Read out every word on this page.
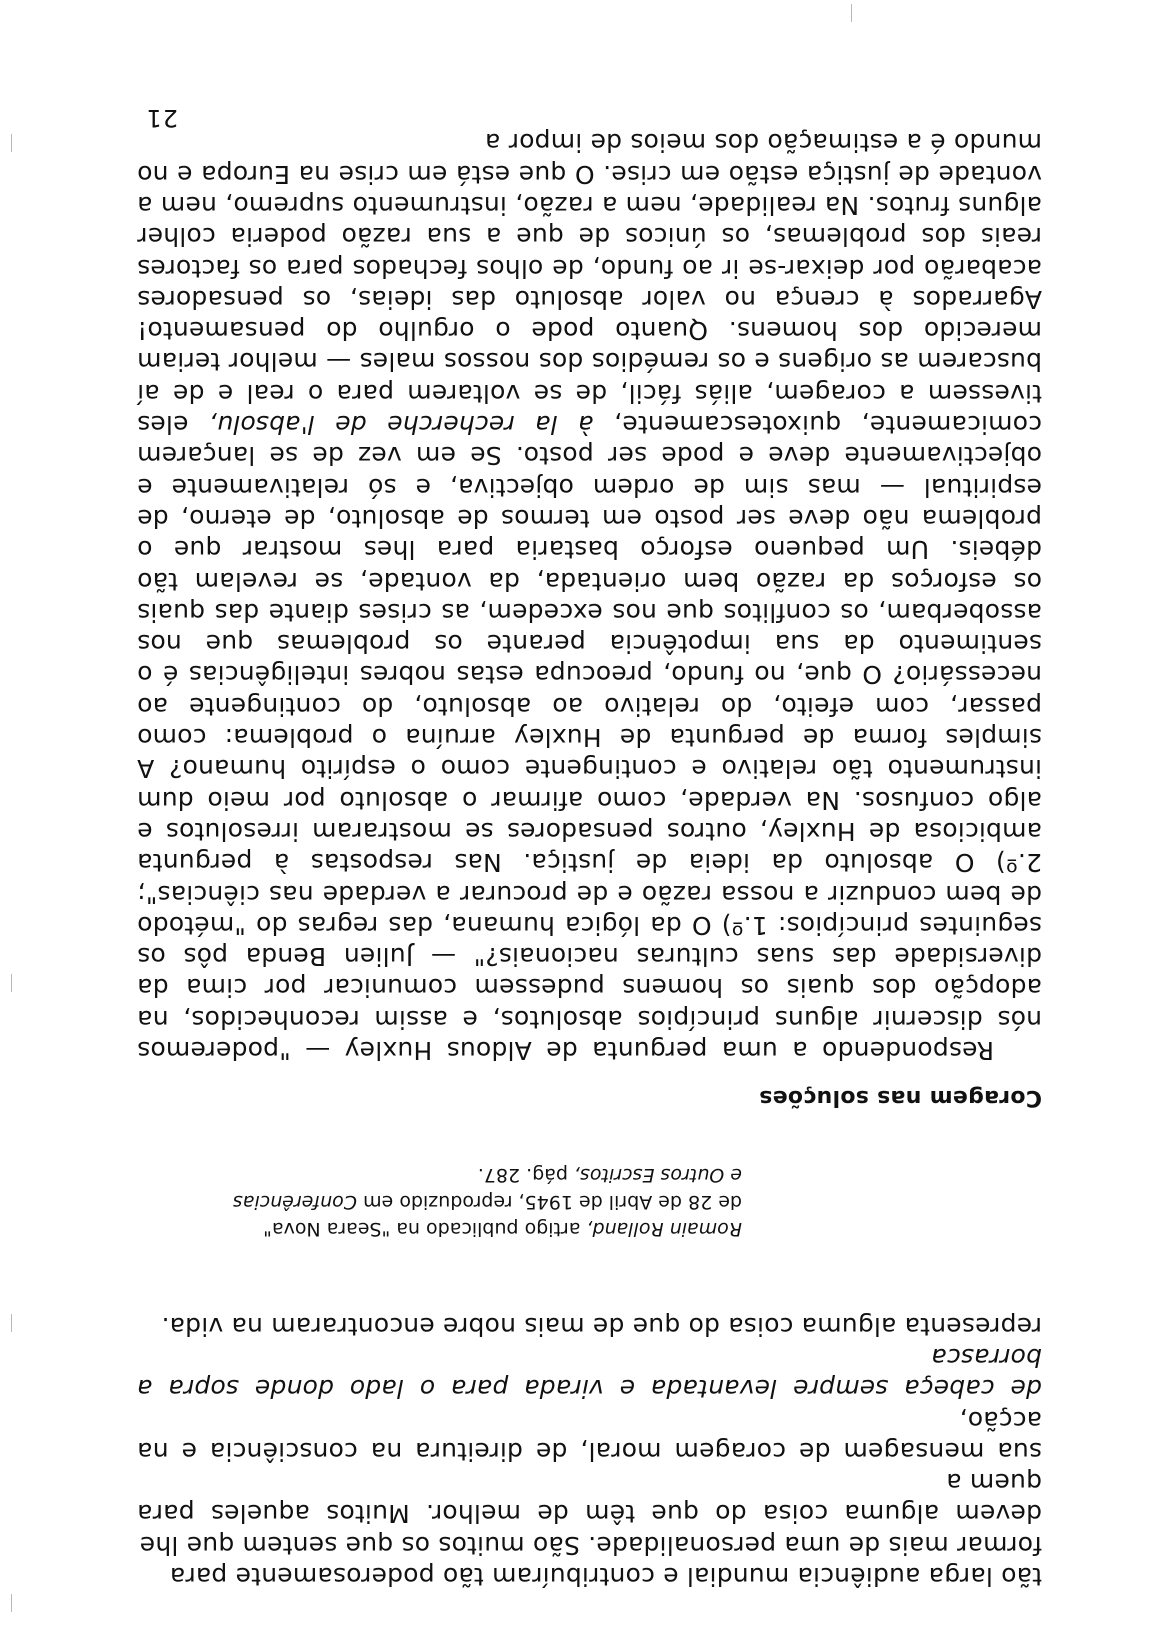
tão larga audiência mundial e contribuíram tão poderosamente para
formar mais de uma personalidade. São muitos os que sentem que lhe
devem alguma coisa do que têm de melhor. Muitos aqueles para quem a
sua mensagem de coragem moral, de direitura na consciência e na acção,
de cabeça sempre levantada e virada para o lado donde sopra a borrasca
representa alguma coisa do que de mais nobre encontraram na vida.

Romain Rolland, artigo publicado na "Seara Nova"
de 28 de Abril de 1945, reproduzido em Conferências
e Outros Escritos, pág. 287.
Coragem nas soluções

Respondendo a uma pergunta de Aldous Huxley — "poderemos nós discernir alguns princípios absolutos, e assim reconhecidos, na adopção dos quais os homens pudessem comunicar por cima da diversidade das suas culturas nacionais?" — Julien Benda pôs os seguintes princípios: 1.º) O da lógica humana, das regras do "método de bem conduzir a nossa razão e de procurar a verdade nas ciências"; 2.º) O absoluto da ideia de justiça. Nas respostas à pergunta ambiciosa de Huxley, outros pensadores se mostraram irresolutos e algo confusos. Na verdade, como afirmar o absoluto por meio dum instrumento tão relativo e contingente como o espírito humano? A simples forma de pergunta de Huxley arruína o problema: como passar, com efeito, do relativo ao absoluto, do contingente ao necessário? O que, no fundo, preocupa estas nobres inteligências é o sentimento da sua impotência perante os problemas que nos assoberbam, os conflitos que nos excedem, as crises diante das quais os esforços da razão bem orientada, da vontade, se revelam tão débeis. Um pequeno esforço bastaria para lhes mostrar que o problema não deve ser posto em termos de absoluto, de eterno, de espiritual — mas sim de ordem objectiva, e só relativamente e objectivamente deve e pode ser posto. Se em vez de se lançarem comicamente, quixotescamente, à la recherche de l'absolu, eles tivessem a coragem, aliás fácil, de se voltarem para o real e de aí buscarem as origens e os remédios dos nossos males — melhor teriam merecido dos homens. Quanto pode o orgulho do pensamento! Agarrados à crença no valor absoluto das ideias, os pensadores acabarão por deixar-se ir ao fundo, de olhos fechados para os factores reais dos problemas, os únicos de que a sua razão poderia colher alguns frutos. Na realidade, nem a razão, instrumento supremo, nem a vontade de justiça estão em crise. O que está em crise na Europa e no mundo é a estimação dos meios de impor a

21
